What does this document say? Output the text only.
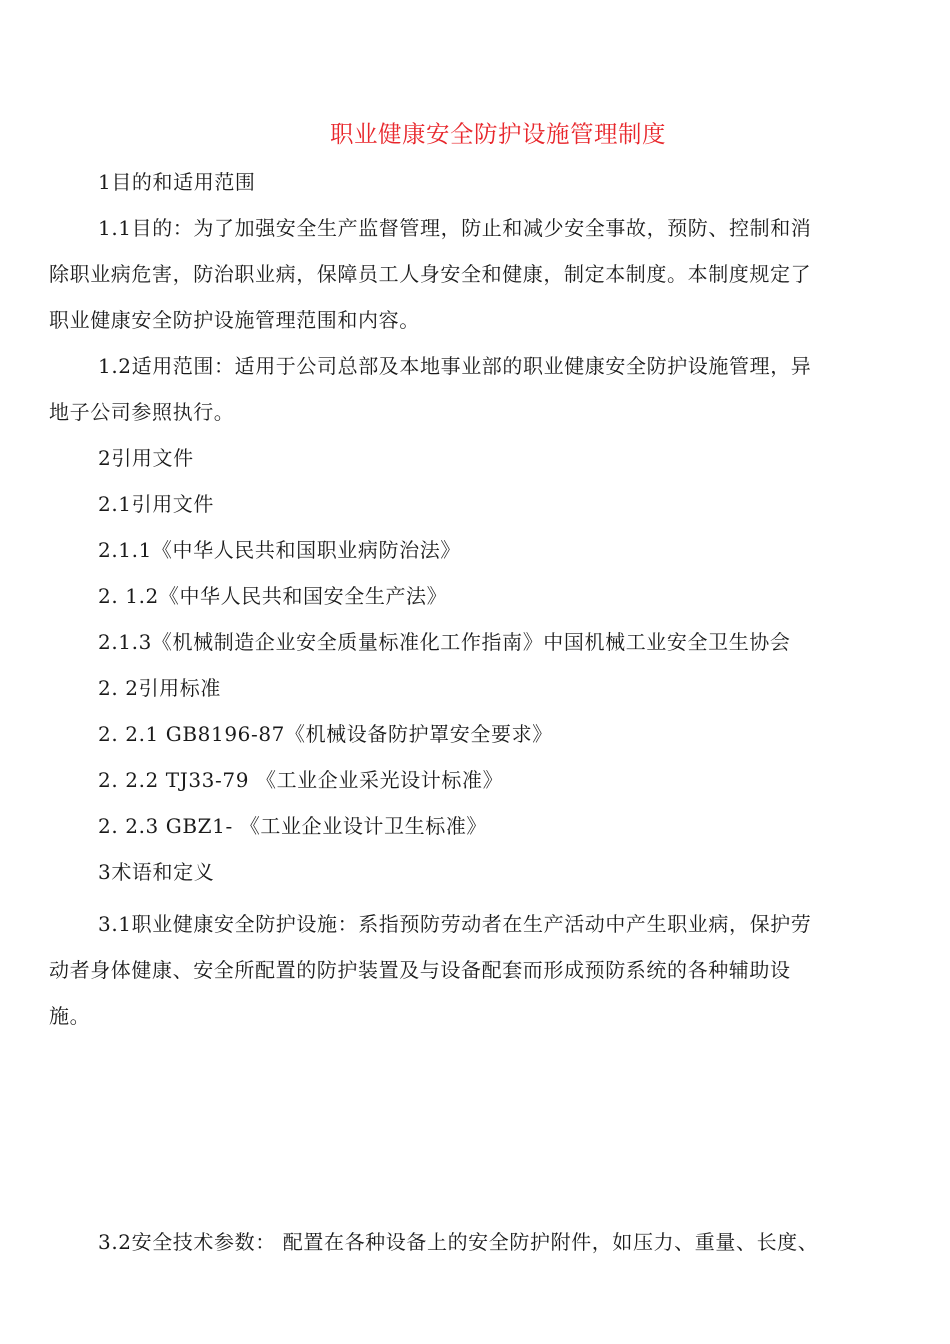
职业健康安全防护设施管理制度
1目的和适用范围
1.1目的：为了加强安全生产监督管理，防止和减少安全事故，预防、控制和消
除职业病危害，防治职业病，保障员工人身安全和健康，制定本制度。本制度规定了
职业健康安全防护设施管理范围和内容。
1.2适用范围：适用于公司总部及本地事业部的职业健康安全防护设施管理，异
地子公司参照执行。
2引用文件
2.1引用文件
2.1.1《中华人民共和国职业病防治法》
2. 1.2《中华人民共和国安全生产法》
2.1.3《机械制造企业安全质量标准化工作指南》中国机械工业安全卫生协会
2. 2引用标准
2. 2.1 GB8196-87《机械设备防护罩安全要求》
2. 2.2 TJ33-79 《工业企业采光设计标准》
2. 2.3 GBZ1- 《工业企业设计卫生标准》
3术语和定义
3.1职业健康安全防护设施：系指预防劳动者在生产活动中产生职业病，保护劳
动者身体健康、安全所配置的防护装置及与设备配套而形成预防系统的各种辅助设
施。
3.2安全技术参数： 配置在各种设备上的安全防护附件，如压力、重量、长度、
